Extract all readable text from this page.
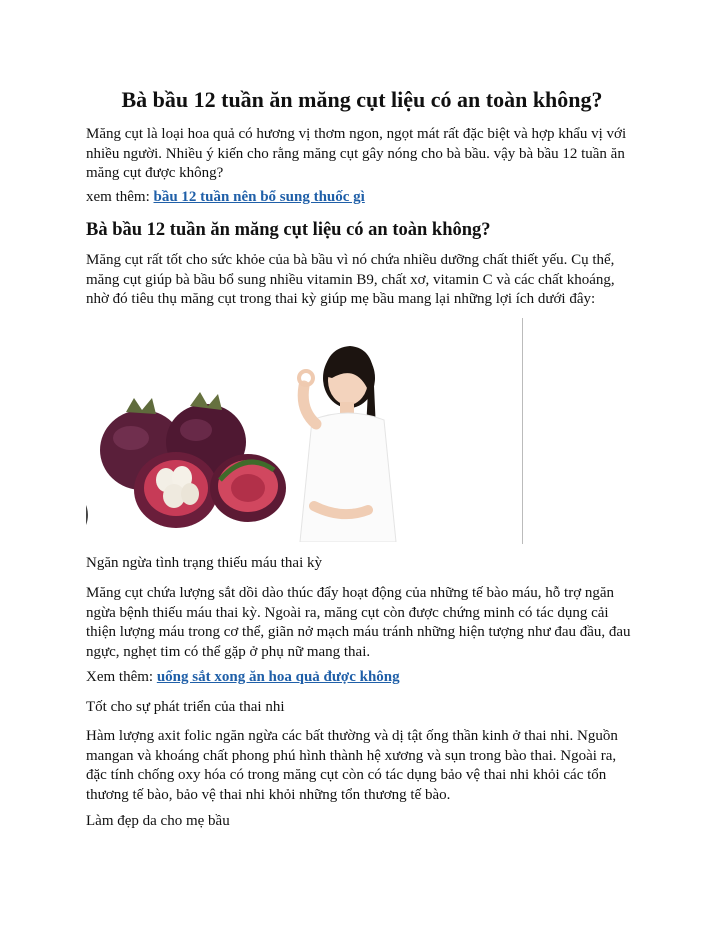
Bà bầu 12 tuần ăn măng cụt liệu có an toàn không?

Măng cụt là loại hoa quả có hương vị thơm ngon, ngọt mát rất đặc biệt và hợp khẩu vị với nhiều người. Nhiều ý kiến cho rằng măng cụt gây nóng cho bà bầu. vậy bà bầu 12 tuần ăn măng cụt được không?

xem thêm: bầu 12 tuần nên bổ sung thuốc gì

Bà bầu 12 tuần ăn măng cụt liệu có an toàn không?

Măng cụt rất tốt cho sức khỏe của bà bầu vì nó chứa nhiều dưỡng chất thiết yếu. Cụ thể, măng cụt giúp bà bầu bổ sung nhiều vitamin B9, chất xơ, vitamin C và các chất khoáng, nhờ đó tiêu thụ măng cụt trong thai kỳ giúp mẹ bầu mang lại những lợi ích dưới đây:

Ngăn ngừa tình trạng thiếu máu thai kỳ

Măng cụt chứa lượng sắt dồi dào thúc đẩy hoạt động của những tế bào máu, hỗ trợ ngăn ngừa bệnh thiếu máu thai kỳ. Ngoài ra, măng cụt còn được chứng minh có tác dụng cải thiện lượng máu trong cơ thể, giãn nở mạch máu tránh những hiện tượng như đau đầu, đau ngực, nghẹt tim có thể gặp ở phụ nữ mang thai.

Xem thêm: uống sắt xong ăn hoa quả được không

Tốt cho sự phát triển của thai nhi

Hàm lượng axit folic ngăn ngừa các bất thường và dị tật ống thần kinh ở thai nhi. Nguồn mangan và khoáng chất phong phú hình thành hệ xương và sụn trong bào thai. Ngoài ra, đặc tính chống oxy hóa có trong măng cụt còn có tác dụng bảo vệ thai nhi khỏi các tổn thương tế bào, bảo vệ thai nhi khỏi những tổn thương tế bào.

Làm đẹp da cho mẹ bầu
